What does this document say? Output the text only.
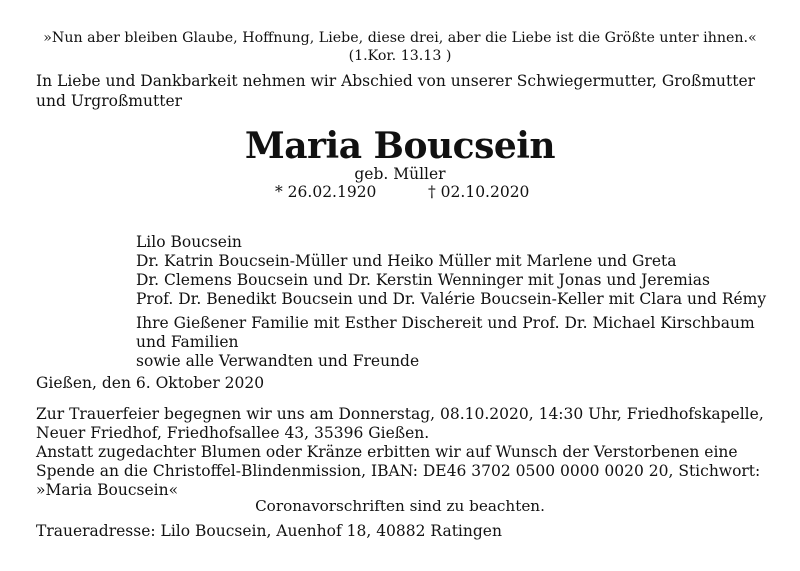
»Nun aber bleiben Glaube, Hoffnung, Liebe, diese drei, aber die Liebe ist die Größte unter ihnen.«
(1.Kor. 13.13 )
In Liebe und Dankbarkeit nehmen wir Abschied von unserer Schwiegermutter, Großmutter
und Urgroßmutter
Maria Boucsein
geb. Müller
* 26.02.1920	† 02.10.2020
Lilo Boucsein
Dr. Katrin Boucsein-Müller und Heiko Müller mit Marlene und Greta
Dr. Clemens Boucsein und Dr. Kerstin Wenninger mit Jonas und Jeremias
Prof. Dr. Benedikt Boucsein und Dr. Valérie Boucsein-Keller mit Clara und Rémy
Ihre Gießener Familie mit Esther Dischereit und Prof. Dr. Michael Kirschbaum
und Familien
sowie alle Verwandten und Freunde
Gießen, den 6. Oktober 2020
Zur Trauerfeier begegnen wir uns am Donnerstag, 08.10.2020, 14:30 Uhr, Friedhofskapelle,
Neuer Friedhof, Friedhofsallee 43, 35396 Gießen.
Anstatt zugedachter Blumen oder Kränze erbitten wir auf Wunsch der Verstorbenen eine
Spende an die Christoffel-Blindenmission, IBAN: DE46 3702 0500 0000 0020 20, Stichwort:
»Maria Boucsein«
Coronavorschriften sind zu beachten.
Traueradresse: Lilo Boucsein, Auenhof 18, 40882 Ratingen
